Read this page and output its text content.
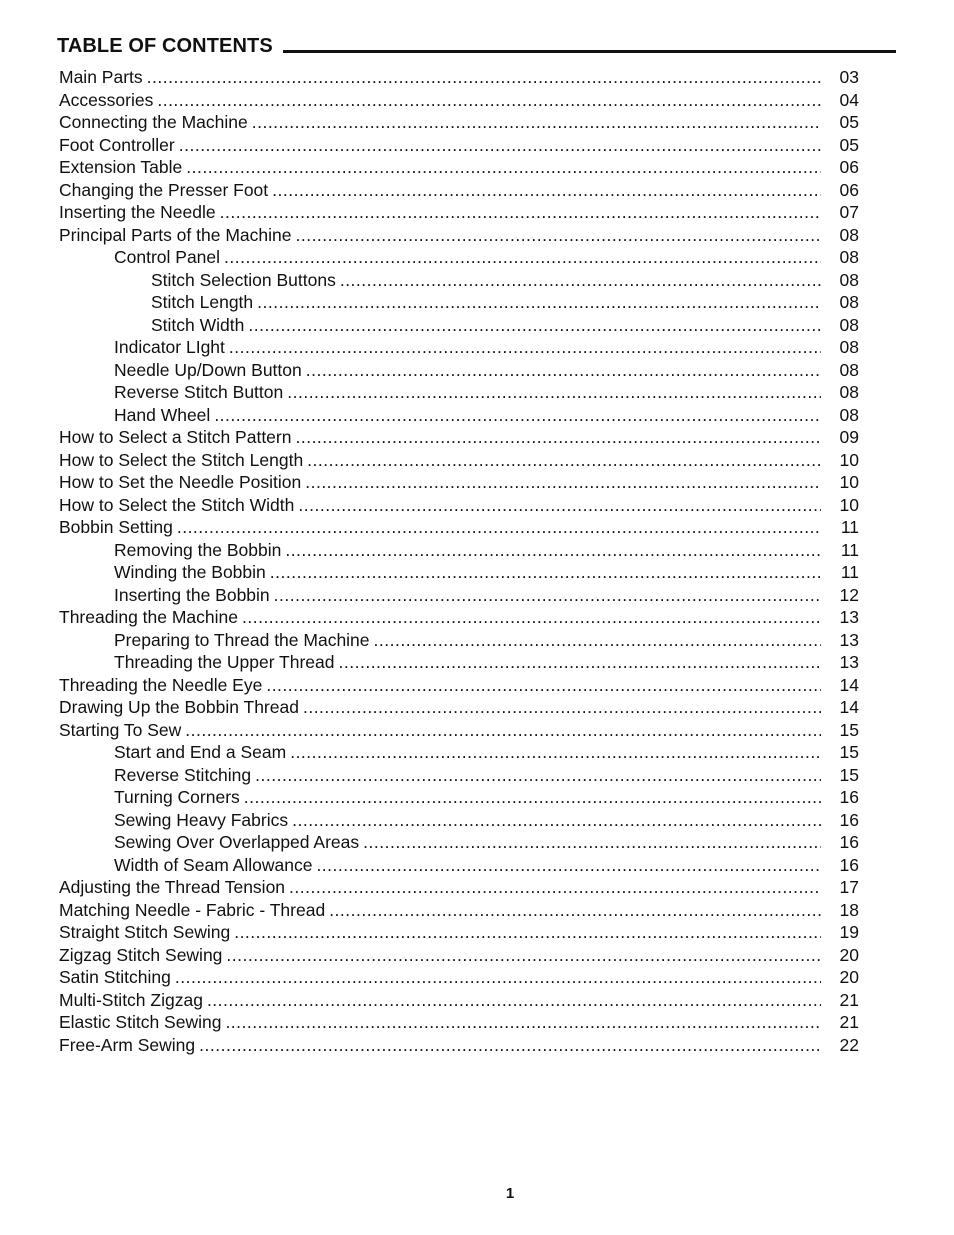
TABLE OF CONTENTS
Main Parts .....	03
Accessories .....	04
Connecting the Machine .....	05
Foot Controller .....	05
Extension Table .....	06
Changing the Presser Foot .....	06
Inserting the Needle .....	07
Principal Parts of the Machine .....	08
Control Panel .....	08
Stitch Selection Buttons .....	08
Stitch Length .....	08
Stitch Width .....	08
Indicator LIght .....	08
Needle Up/Down Button .....	08
Reverse Stitch Button .....	08
Hand Wheel .....	08
How to Select a Stitch Pattern .....	09
How to Select the Stitch Length .....	10
How to Set the Needle Position .....	10
How to Select the Stitch Width .....	10
Bobbin Setting .....	11
Removing the Bobbin .....	11
Winding the Bobbin .....	11
Inserting the Bobbin .....	12
Threading the Machine .....	13
Preparing to Thread the Machine .....	13
Threading the Upper Thread .....	13
Threading the Needle Eye .....	14
Drawing Up the Bobbin Thread .....	14
Starting To Sew .....	15
Start and End a Seam .....	15
Reverse Stitching .....	15
Turning Corners .....	16
Sewing Heavy Fabrics .....	16
Sewing Over Overlapped Areas .....	16
Width of Seam Allowance .....	16
Adjusting the Thread Tension .....	17
Matching Needle - Fabric - Thread .....	18
Straight Stitch Sewing .....	19
Zigzag Stitch Sewing .....	20
Satin Stitching .....	20
Multi-Stitch Zigzag .....	21
Elastic Stitch Sewing .....	21
Free-Arm Sewing .....	22
1
